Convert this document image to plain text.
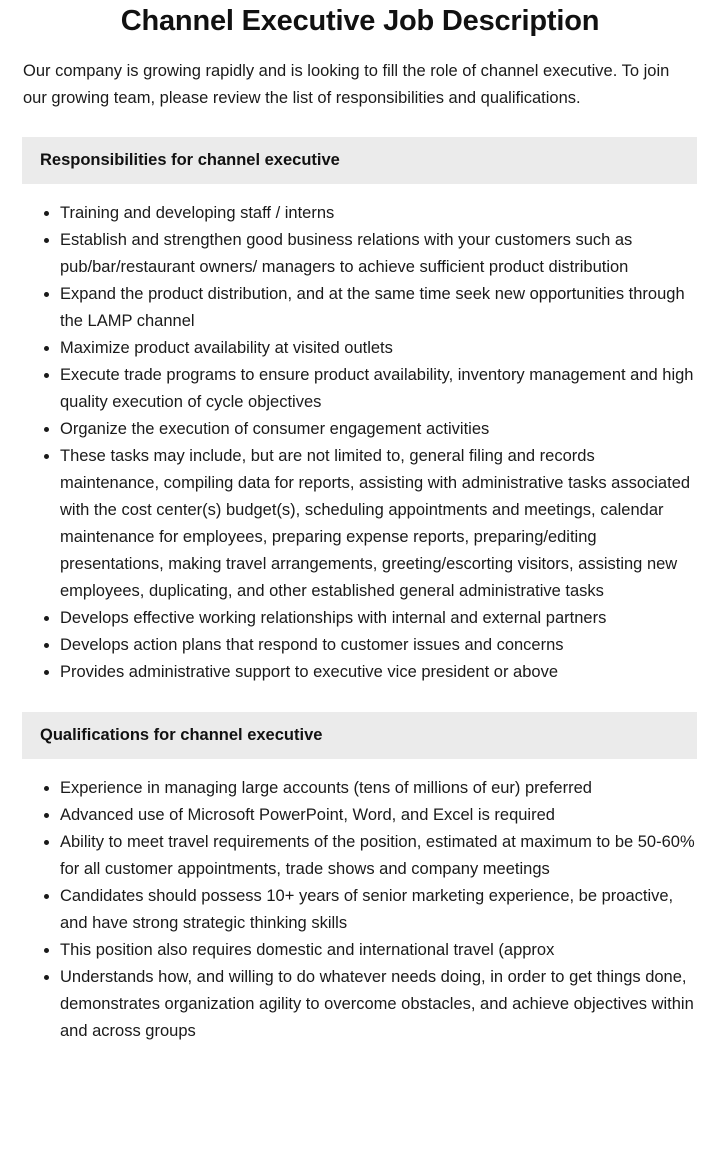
Channel Executive Job Description

Our company is growing rapidly and is looking to fill the role of channel executive. To join our growing team, please review the list of responsibilities and qualifications.

Responsibilities for channel executive
Training and developing staff / interns
Establish and strengthen good business relations with your customers such as pub/bar/restaurant owners/ managers to achieve sufficient product distribution
Expand the product distribution, and at the same time seek new opportunities through the LAMP channel
Maximize product availability at visited outlets
Execute trade programs to ensure product availability, inventory management and high quality execution of cycle objectives
Organize the execution of consumer engagement activities
These tasks may include, but are not limited to, general filing and records maintenance, compiling data for reports, assisting with administrative tasks associated with the cost center(s) budget(s), scheduling appointments and meetings, calendar maintenance for employees, preparing expense reports, preparing/editing presentations, making travel arrangements, greeting/escorting visitors, assisting new employees, duplicating, and other established general administrative tasks
Develops effective working relationships with internal and external partners
Develops action plans that respond to customer issues and concerns
Provides administrative support to executive vice president or above
Qualifications for channel executive
Experience in managing large accounts (tens of millions of eur) preferred
Advanced use of Microsoft PowerPoint, Word, and Excel is required
Ability to meet travel requirements of the position, estimated at maximum to be 50-60% for all customer appointments, trade shows and company meetings
Candidates should possess 10+ years of senior marketing experience, be proactive, and have strong strategic thinking skills
This position also requires domestic and international travel (approx
Understands how, and willing to do whatever needs doing, in order to get things done, demonstrates organization agility to overcome obstacles, and achieve objectives within and across groups
